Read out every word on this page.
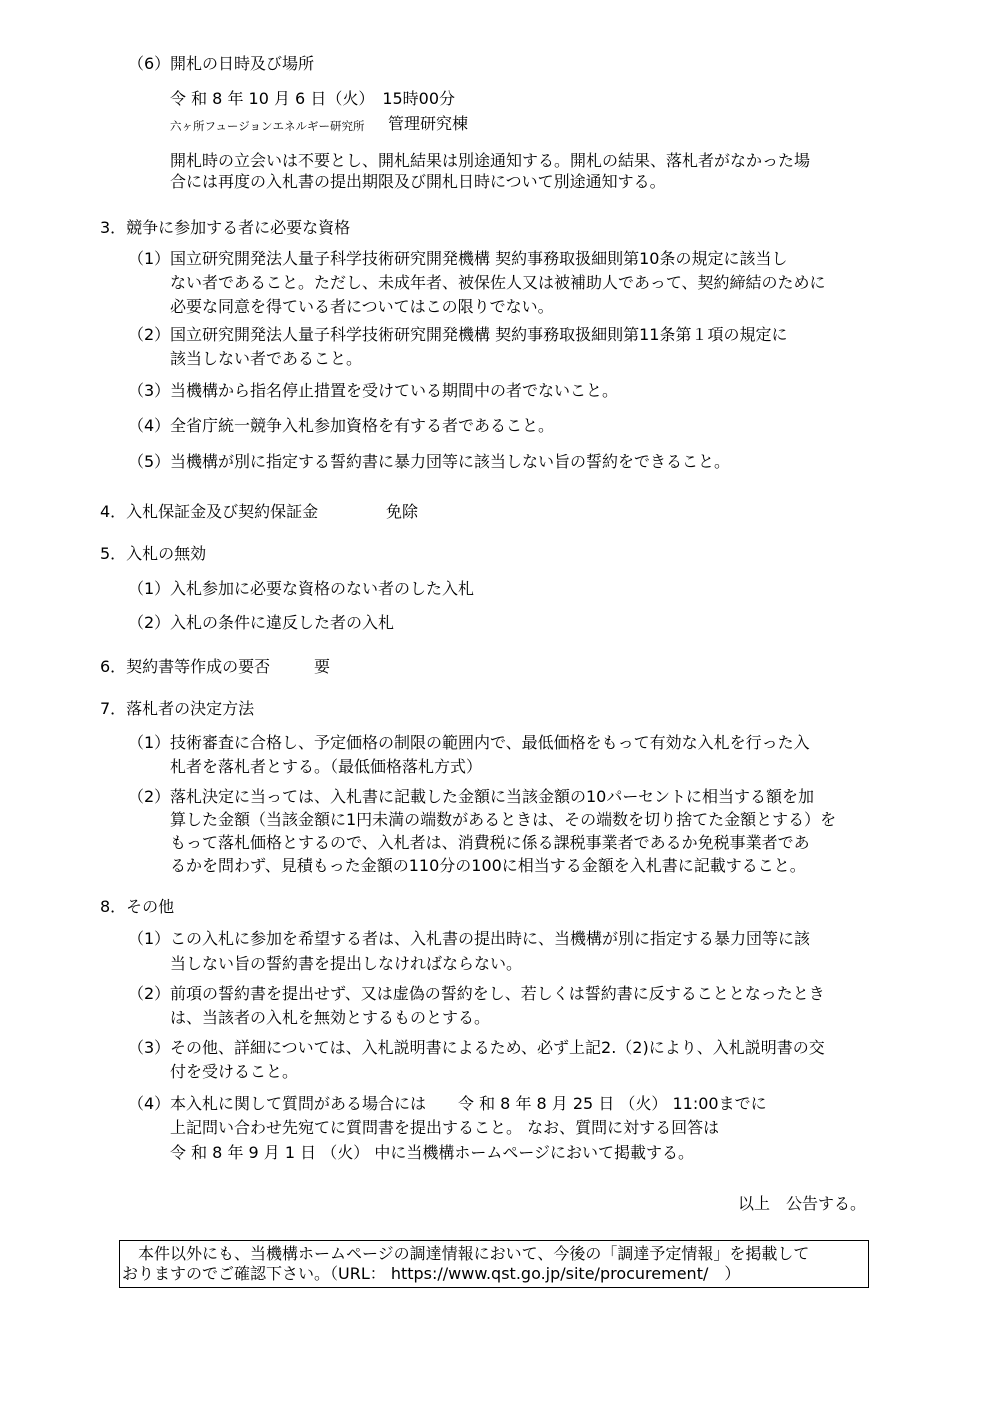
（6） 開札の日時及び場所
令 和 8 年 10 月 6 日（火）　15時00分
六ヶ所フュージョンエネルギー研究所 管理研究棟
開札時の立会いは不要とし、開札結果は別途通知する。開札の結果、落札者がなかった場
合には再度の入札書の提出期限及び開札日時について別途通知する。
3．競争に参加する者に必要な資格
（1） 国立研究開発法人量子科学技術研究開発機構 契約事務取扱細則第10条の規定に該当し
ない者であること。ただし、未成年者、被保佐人又は被補助人であって、契約締結のために
必要な同意を得ている者についてはこの限りでない。
（2） 国立研究開発法人量子科学技術研究開発機構 契約事務取扱細則第11条第１項の規定に
該当しない者であること。
（3） 当機構から指名停止措置を受けている期間中の者でないこと。
（4） 全省庁統一競争入札参加資格を有する者であること。
（5） 当機構が別に指定する誓約書に暴力団等に該当しない旨の誓約をできること。
4．入札保証金及び契約保証金	免除
5．入札の無効
（1） 入札参加に必要な資格のない者のした入札
（2） 入札の条件に違反した者の入札
6．契約書等作成の要否	要
7．落札者の決定方法
（1） 技術審査に合格し、予定価格の制限の範囲内で、最低価格をもって有効な入札を行った入
札者を落札者とする。（最低価格落札方式）
（2） 落札決定に当っては、入札書に記載した金額に当該金額の10パーセントに相当する額を加
算した金額（当該金額に1円未満の端数があるときは、その端数を切り捨てた金額とする）を
もって落札価格とするので、入札者は、消費税に係る課税事業者であるか免税事業者であ
るかを問わず、見積もった金額の110分の100に相当する金額を入札書に記載すること。
8．その他
（1） この入札に参加を希望する者は、入札書の提出時に、当機構が別に指定する暴力団等に該
当しない旨の誓約書を提出しなければならない。
（2） 前項の誓約書を提出せず、又は虚偽の誓約をし、若しくは誓約書に反することとなったとき
は、当該者の入札を無効とするものとする。
（3） その他、詳細については、入札説明書によるため、必ず上記2.（2)により、入札説明書の交
付を受けること。
（4） 本入札に関して質問がある場合には　　令 和 8 年 8 月 25 日 （火） 11:00までに
上記問い合わせ先宛てに質問書を提出すること。 なお、質問に対する回答は
令 和 8 年 9 月 1 日 （火） 中に当機構ホームページにおいて掲載する。
以上　公告する。
　本件以外にも、当機構ホームページの調達情報において、今後の「調達予定情報」を掲載して
おりますのでご確認下さい。（URL： https://www.qst.go.jp/site/procurement/　）
